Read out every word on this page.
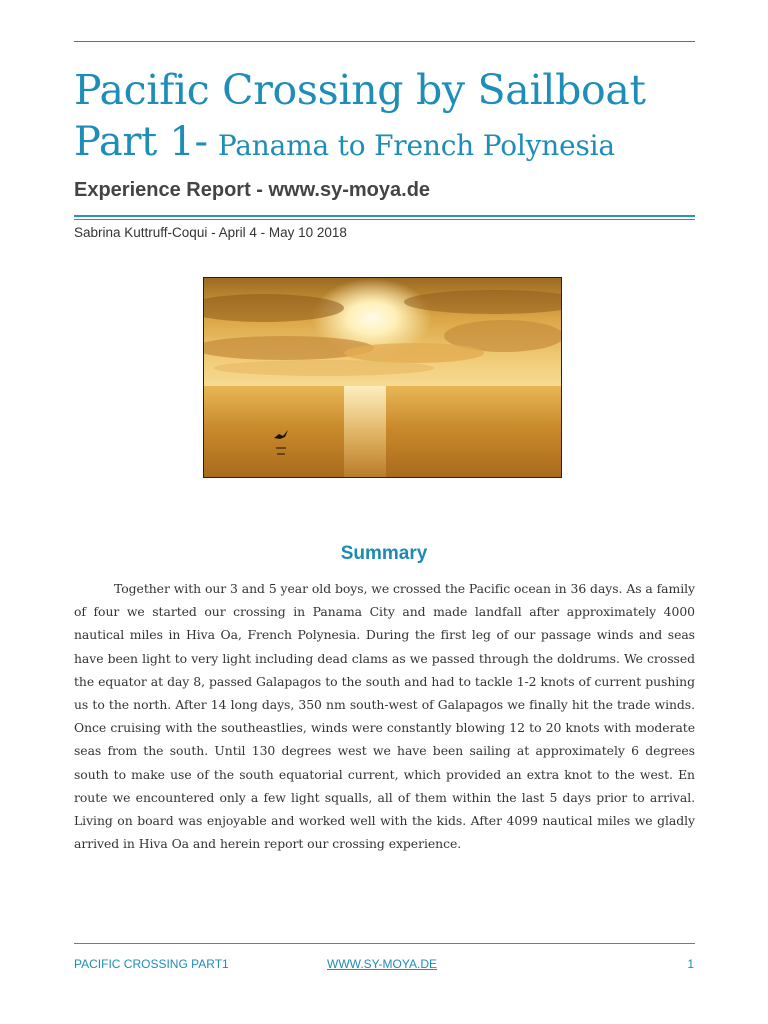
Pacific Crossing by Sailboat
Part 1- Panama to French Polynesia
Experience Report - www.sy-moya.de
Sabrina Kuttruff-Coqui - April 4 - May 10 2018
Summary

Together with our 3 and 5 year old boys, we crossed the Pacific ocean in 36 days. As a family of four we started our crossing in Panama City and made landfall after approximately 4000 nautical miles in Hiva Oa, French Polynesia. During the first leg of our passage winds and seas have been light to very light including dead clams as we passed through the doldrums. We crossed the equator at day 8, passed Galapagos to the south and had to tackle 1-2 knots of current pushing us to the north. After 14 long days, 350 nm south-west of Galapagos we finally hit the trade winds. Once cruising with the southeastlies, winds were constantly blowing 12 to 20 knots with moderate seas from the south. Until 130 degrees west we have been sailing at approximately 6 degrees south to make use of the south equatorial current, which provided an extra knot to the west. En route we encountered only a few light squalls, all of them within the last 5 days prior to arrival. Living on board was enjoyable and worked well with the kids. After 4099 nautical miles we gladly arrived in Hiva Oa and herein report our crossing experience.

PACIFIC CROSSING PART1	WWW.SY-MOYA.DE	1
